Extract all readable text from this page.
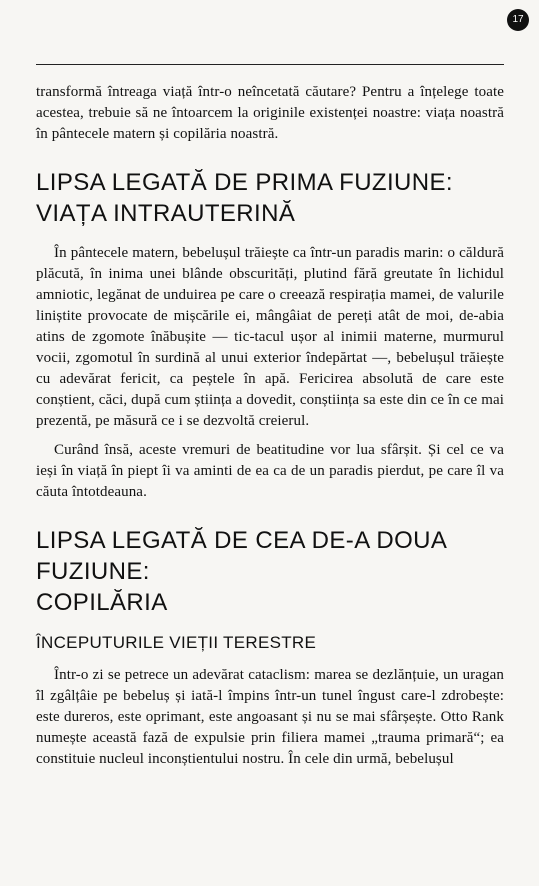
17

transformă întreaga viață într-o neîncetată căutare? Pentru a înțelege toate acestea, trebuie să ne întoarcem la originile existenței noastre: viața noastră în pântecele matern și copilăria noastră.

LIPSA LEGATĂ DE PRIMA FUZIUNE:
VIAȚA INTRAUTERINĂ

În pântecele matern, bebelușul trăiește ca într-un paradis marin: o căldură plăcută, în inima unei blânde obscurități, plutind fără greutate în lichidul amniotic, legănat de unduirea pe care o creează respirația mamei, de valurile liniștite provocate de mișcările ei, mângâiat de pereți atât de moi, de-abia atins de zgomote înăbușite — tic-tacul ușor al inimii materne, murmurul vocii, zgomotul în surdină al unui exterior îndepărtat —, bebelușul trăiește cu adevărat fericit, ca peștele în apă. Fericirea absolută de care este conștient, căci, după cum știința a dovedit, conștiința sa este din ce în ce mai prezentă, pe măsură ce i se dezvoltă creierul.

Curând însă, aceste vremuri de beatitudine vor lua sfârșit. Și cel ce va ieși în viață în piept îi va aminti de ea ca de un paradis pierdut, pe care îl va căuta întotdeauna.

LIPSA LEGATĂ DE CEA DE-A DOUA FUZIUNE:
COPILĂRIA
ÎNCEPUTURILE VIEȚII TERESTRE

Într-o zi se petrece un adevărat cataclism: marea se dezlănțuie, un uragan îl zgâlțâie pe bebeluș și iată-l împins într-un tunel îngust care-l zdrobește: este dureros, este oprimant, este angoasant și nu se mai sfârșește. Otto Rank numește această fază de expulsie prin filiera mamei „trauma primară“; ea constituie nucleul inconștientului nostru. În cele din urmă, bebelușul
